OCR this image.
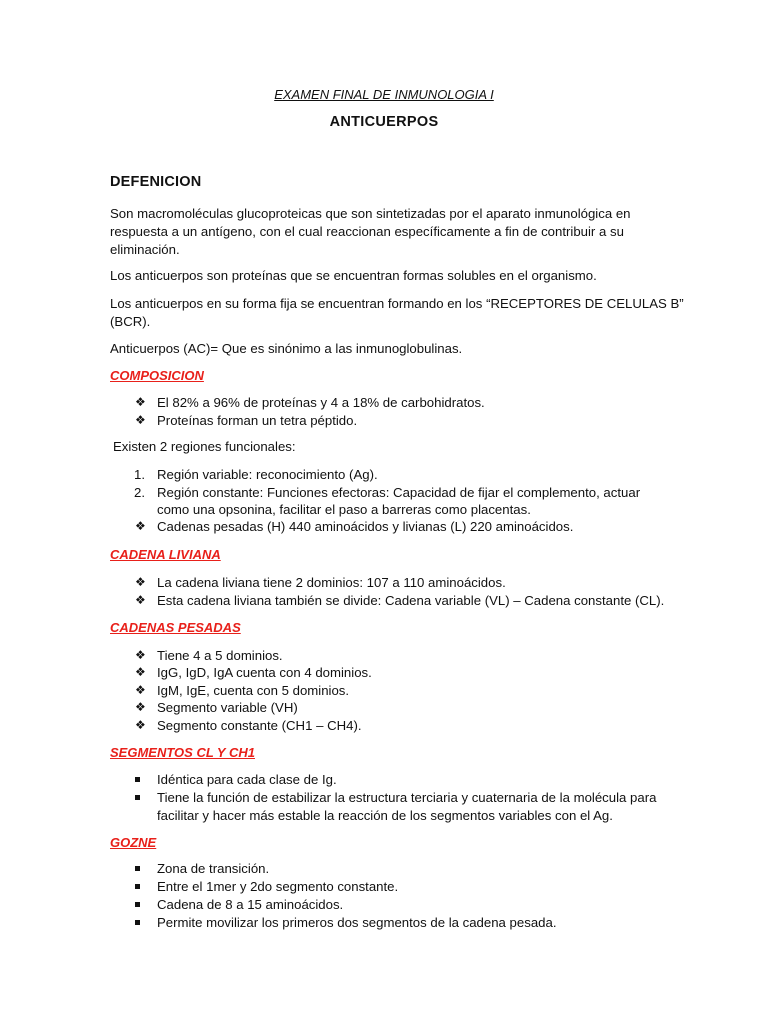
EXAMEN FINAL DE INMUNOLOGIA I
ANTICUERPOS
DEFENICION
Son macromoléculas glucoproteicas que son sintetizadas por el aparato inmunológica en
respuesta a un antígeno, con el cual reaccionan específicamente a fin de contribuir a su
eliminación.
Los anticuerpos son proteínas que se encuentran formas solubles en el organismo.
Los anticuerpos en su forma fija se encuentran formando en los “RECEPTORES DE CELULAS B”
(BCR).
Anticuerpos (AC)= Que es sinónimo a las inmunoglobulinas.
COMPOSICION
❖ El 82% a 96% de proteínas y 4 a 18% de carbohidratos.
❖ Proteínas forman un tetra péptido.
Existen 2 regiones funcionales:
1. Región variable: reconocimiento (Ag).
2. Región constante: Funciones efectoras: Capacidad de fijar el complemento, actuar
como una opsonina, facilitar el paso a barreras como placentas.
❖ Cadenas pesadas (H) 440 aminoácidos y livianas (L) 220 aminoácidos.
CADENA LIVIANA
❖ La cadena liviana tiene 2 dominios: 107 a 110 aminoácidos.
❖ Esta cadena liviana también se divide: Cadena variable (VL) – Cadena constante (CL).
CADENAS PESADAS
❖ Tiene 4 a 5 dominios.
❖ IgG, IgD, IgA cuenta con 4 dominios.
❖ IgM, IgE, cuenta con 5 dominios.
❖ Segmento variable (VH)
❖ Segmento constante (CH1 – CH4).
SEGMENTOS CL Y CH1
Idéntica para cada clase de Ig.
Tiene la función de estabilizar la estructura terciaria y cuaternaria de la molécula para
facilitar y hacer más estable la reacción de los segmentos variables con el Ag.
GOZNE
Zona de transición.
Entre el 1mer y 2do segmento constante.
Cadena de 8 a 15 aminoácidos.
Permite movilizar los primeros dos segmentos de la cadena pesada.
